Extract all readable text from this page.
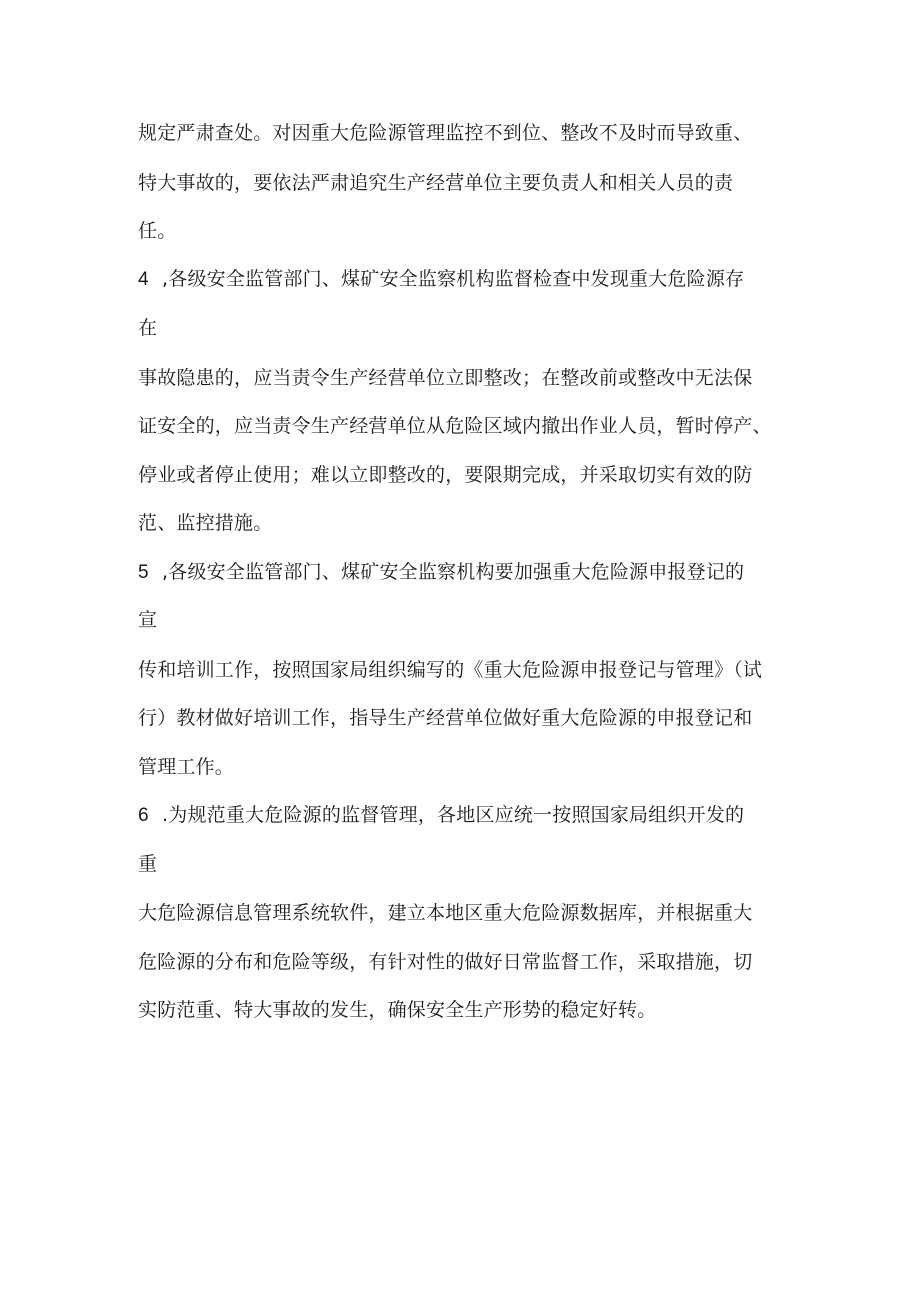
规定严肃查处。对因重大危险源管理监控不到位、整改不及时而导致重、
特大事故的，要依法严肃追究生产经营单位主要负责人和相关人员的责
任。
4 ,各级安全监管部门、煤矿安全监察机构监督检查中发现重大危险源存
在
事故隐患的，应当责令生产经营单位立即整改；在整改前或整改中无法保
证安全的，应当责令生产经营单位从危险区域内撤出作业人员，暂时停产、
停业或者停止使用；难以立即整改的，要限期完成，并采取切实有效的防
范、监控措施。
5 ,各级安全监管部门、煤矿安全监察机构要加强重大危险源申报登记的
宣
传和培训工作，按照国家局组织编写的《重大危险源申报登记与管理》（试
行）教材做好培训工作，指导生产经营单位做好重大危险源的申报登记和
管理工作。
6 .为规范重大危险源的监督管理，各地区应统一按照国家局组织开发的
重
大危险源信息管理系统软件，建立本地区重大危险源数据库，并根据重大
危险源的分布和危险等级，有针对性的做好日常监督工作，采取措施，切
实防范重、特大事故的发生，确保安全生产形势的稳定好转。
